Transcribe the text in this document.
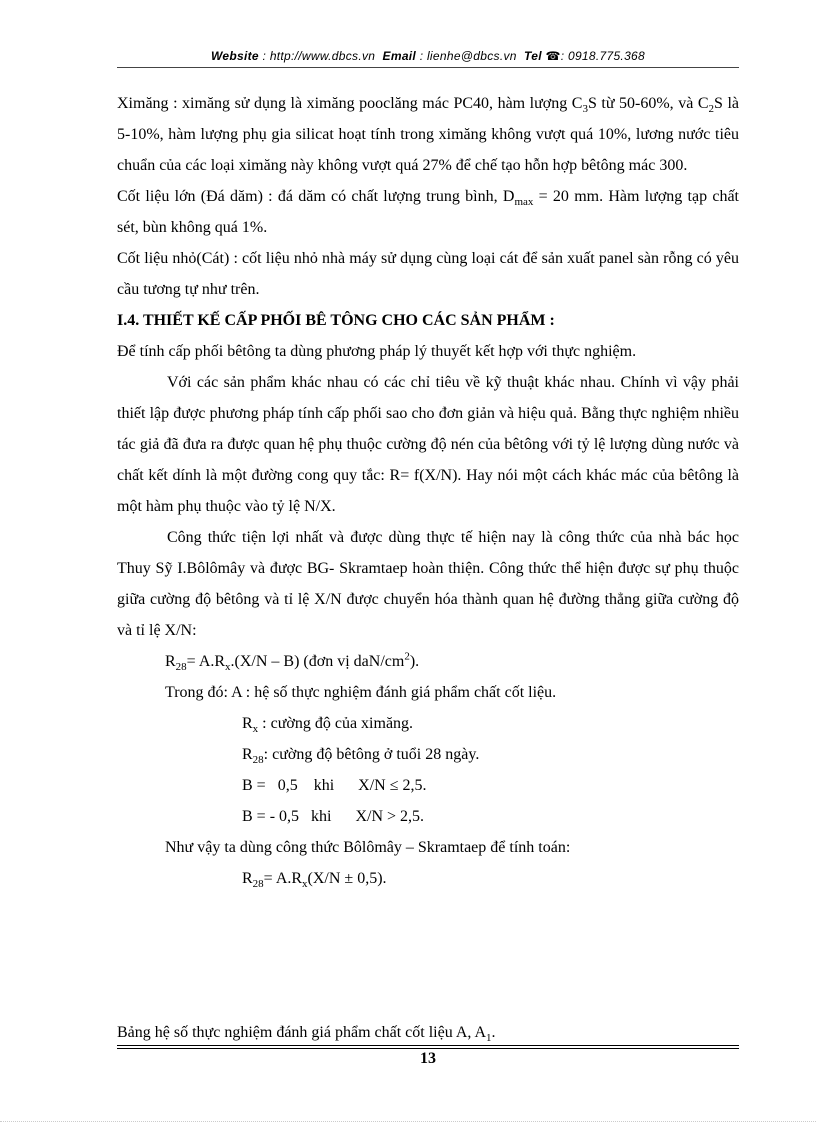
Website : http://www.dbcs.vn Email : lienhe@dbcs.vn Tel ☎: 0918.775.368

Ximăng : ximăng sử dụng là ximăng pooclăng mác PC40, hàm lượng $C_3S$ từ 50-60%, và $C_2S$ là 5-10%, hàm lượng phụ gia silicat hoạt tính trong ximăng không vượt quá 10%, lương nước tiêu chuẩn của các loại ximăng này không vượt quá 27% để chế tạo hỗn hợp bêtông mác 300.

Cốt liệu lớn (Đá dăm) : đá dăm có chất lượng trung bình, $D_{max} = 20$ mm. Hàm lượng tạp chất sét, bùn không quá 1%.

Cốt liệu nhỏ(Cát) : cốt liệu nhỏ nhà máy sử dụng cùng loại cát để sản xuất panel sàn rỗng có yêu cầu tương tự như trên.

I.4. THIẾT KẾ CẤP PHỐI BÊ TÔNG CHO CÁC SẢN PHẨM :

Để tính cấp phối bêtông ta dùng phương pháp lý thuyết kết hợp với thực nghiệm.

Với các sản phẩm khác nhau có các chỉ tiêu về kỹ thuật khác nhau. Chính vì vậy phải thiết lập được phương pháp tính cấp phối sao cho đơn giản và hiệu quả. Bằng thực nghiệm nhiều tác giả đã đưa ra được quan hệ phụ thuộc cường độ nén của bêtông với tỷ lệ lượng dùng nước và chất kết dính là một đường cong quy tắc: R= f(X/N). Hay nói một cách khác mác của bêtông là một hàm phụ thuộc vào tỷ lệ N/X.

Công thức tiện lợi nhất và được dùng thực tế hiện nay là công thức của nhà bác học Thuy Sỹ I.Bôlômây và được BG- Skramtaep hoàn thiện. Công thức thể hiện được sự phụ thuộc giữa cường độ bêtông và tỉ lệ X/N được chuyển hóa thành quan hệ đường thẳng giữa cường độ và tỉ lệ X/N:

$R_{28}= A.R_x.(X/N - B)$ (đơn vị daN/$cm^2$).

Trong đó: A : hệ số thực nghiệm đánh giá phẩm chất cốt liệu.

$R_x$ : cường độ của ximăng.

$R_{28}$: cường độ bêtông ở tuổi 28 ngày.

B =   0,5    khi      X/N ≤ 2,5.

B = - 0,5   khi      X/N > 2,5.

Như vậy ta dùng công thức Bôlômây – Skramtaep để tính toán:

$R_{28}= A.R_x(X/N \pm 0,5)$.

Bảng hệ số thực nghiệm đánh giá phẩm chất cốt liệu A, $A_1$.
13
